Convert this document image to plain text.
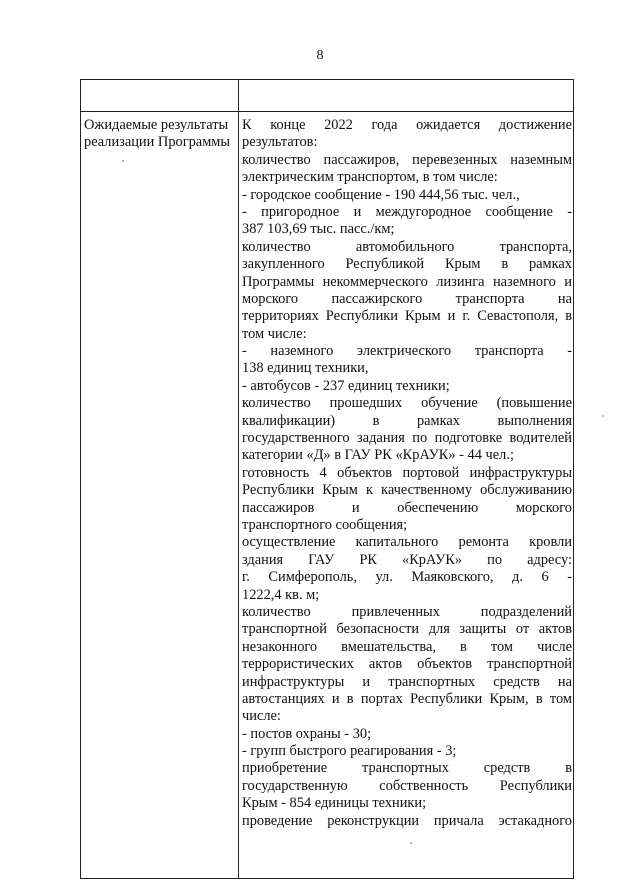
8
Ожидаемые результаты
реализации Программы
К конце 2022 года ожидается достижение
результатов:
количество пассажиров, перевезенных наземным
электрическим транспортом, в том числе:
- городское сообщение - 190 444,56 тыс. чел.,
- пригородное и междугородное сообщение -
387 103,69 тыс. пасс./км;
количество автомобильного транспорта,
закупленного Республикой Крым в рамках
Программы некоммерческого лизинга наземного и
морского пассажирского транспорта на
территориях Республики Крым и г. Севастополя, в
том числе:
- наземного электрического транспорта -
138 единиц техники,
- автобусов - 237 единиц техники;
количество прошедших обучение (повышение
квалификации) в рамках выполнения
государственного задания по подготовке водителей
категории «Д» в ГАУ РК «КрАУК» - 44 чел.;
готовность 4 объектов портовой инфраструктуры
Республики Крым к качественному обслуживанию
пассажиров и обеспечению морского
транспортного сообщения;
осуществление капитального ремонта кровли
здания ГАУ РК «КрАУК» по адресу:
г. Симферополь, ул. Маяковского, д. 6 -
1222,4 кв. м;
количество привлеченных подразделений
транспортной безопасности для защиты от актов
незаконного вмешательства, в том числе
террористических актов объектов транспортной
инфраструктуры и транспортных средств на
автостанциях и в портах Республики Крым, в том
числе:
- постов охраны - 30;
- групп быстрого реагирования - 3;
приобретение транспортных средств в
государственную собственность Республики
Крым - 854 единицы техники;
проведение реконструкции причала эстакадного
